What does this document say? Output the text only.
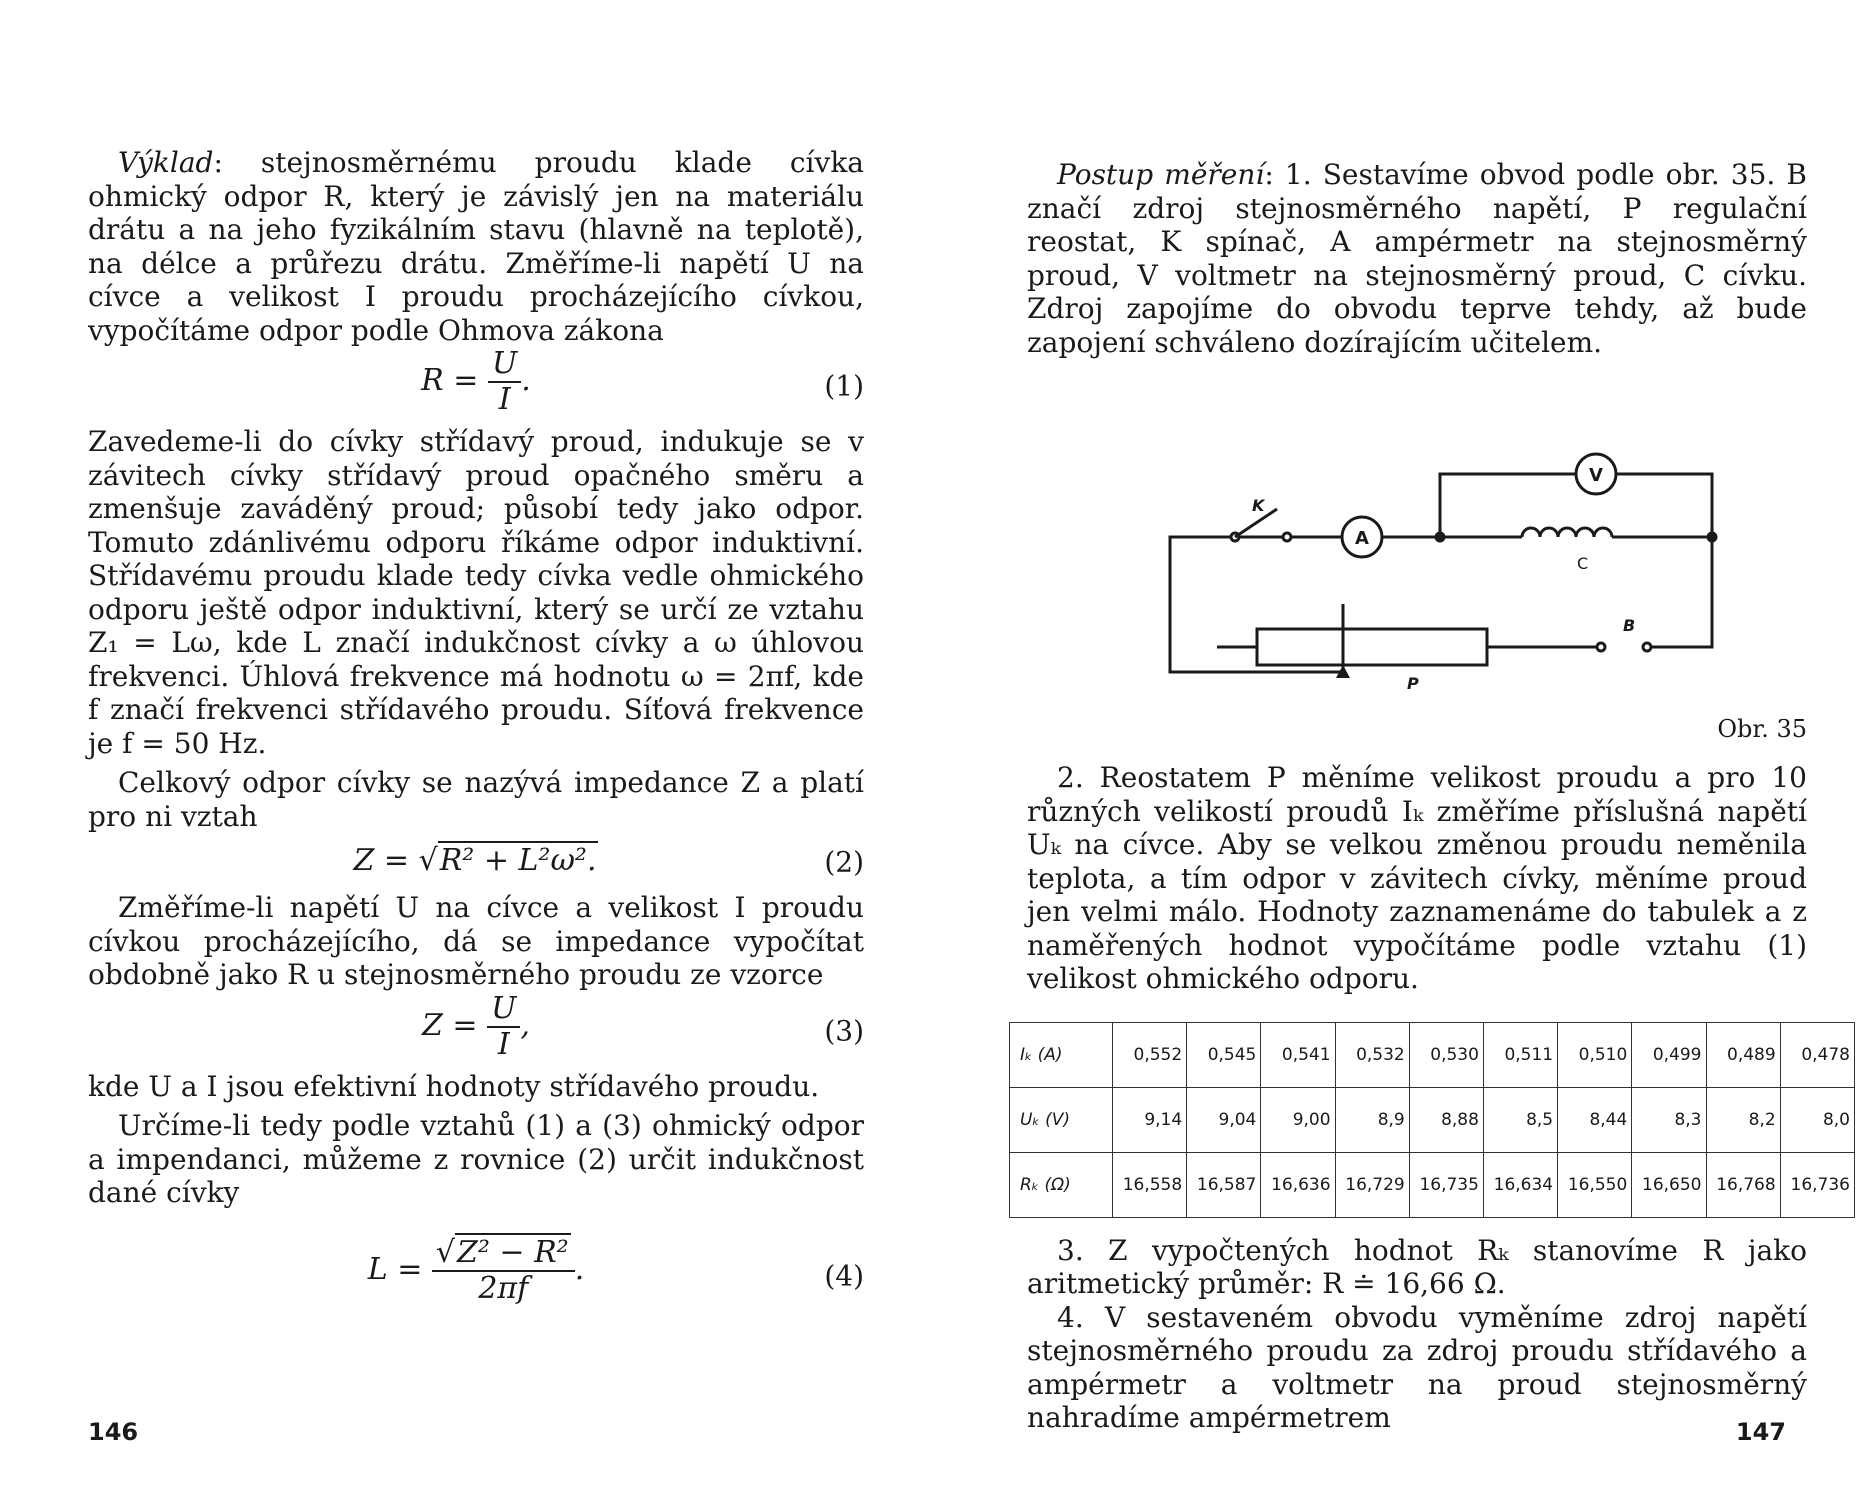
Výklad: stejnosměrnému proudu klade cívka ohmický odpor R, který je závislý jen na materiálu drátu a na jeho fyzikálním stavu (hlavně na teplotě), na délce a průřezu drátu. Změříme-li napětí U na cívce a velikost I proudu procházejícího cívkou, vypočítáme odpor podle Ohmova zákona

$R = \frac{U}{I}$ .	(1)

Zavedeme-li do cívky střídavý proud, indukuje se v závitech cívky střídavý proud opačného směru a zmenšuje zaváděný proud; působí tedy jako odpor. Tomuto zdánlivému odporu říkáme odpor induktivní. Střídavému proudu klade tedy cívka vedle ohmického odporu ještě odpor induktivní, který se určí ze vztahu Z₁ = Lω, kde L značí indukčnost cívky a ω úhlovou frekvenci. Úhlová frekvence má hodnotu ω = 2πf, kde f značí frekvenci střídavého proudu. Síťová frekvence je f = 50 Hz.

Celkový odpor cívky se nazývá impedance Z a platí pro ni vztah

Z = √R² + L²ω².	(2)

Změříme-li napětí U na cívce a velikost I proudu cívkou procházejícího, dá se impedance vypočítat obdobně jako R u stejnosměrného proudu ze vzorce

$Z = \frac{U}{I}$ ,	(3)

kde U a I jsou efektivní hodnoty střídavého proudu.

Určíme-li tedy podle vztahů (1) a (3) ohmický odpor a impendanci, můžeme z rovnice (2) určit indukčnost dané cívky

$L = \frac{\text{√Z² − R²}}{2\pi f}$ .	(4)
146

Postup měření: 1. Sestavíme obvod podle obr. 35. B značí zdroj stejnosměrného napětí, P regulační reostat, K spínač, A ampérmetr na stejnosměrný proud, V voltmetr na stejnosměrný proud, C cívku. Zdroj zapojíme do obvodu teprve tehdy, až bude zapojení schváleno dozírajícím učitelem.

K
A
V
C
B
P
Obr. 35

2. Reostatem P měníme velikost proudu a pro 10 různých velikostí proudů Iₖ změříme příslušná napětí Uₖ na cívce. Aby se velkou změnou proudu neměnila teplota, a tím odpor v závitech cívky, měníme proud jen velmi málo. Hodnoty zaznamenáme do tabulek a z naměřených hodnot vypočítáme podle vztahu (1) velikost ohmického odporu.

Iₖ (A)	0,552	0,545	0,541	0,532	0,530	0,511	0,510	0,499	0,489	0,478
Uₖ (V)	9,14	9,04	9,00	8,9	8,88	8,5	8,44	8,3	8,2	8,0
Rₖ (Ω)	16,558	16,587	16,636	16,729	16,735	16,634	16,550	16,650	16,768	16,736

3. Z vypočtených hodnot Rₖ stanovíme R jako aritmetický průměr: R ≐ 16,66 Ω.

4. V sestaveném obvodu vyměníme zdroj napětí stejnosměrného proudu za zdroj proudu střídavého a ampérmetr a voltmetr na proud stejnosměrný nahradíme ampérmetrem	147
